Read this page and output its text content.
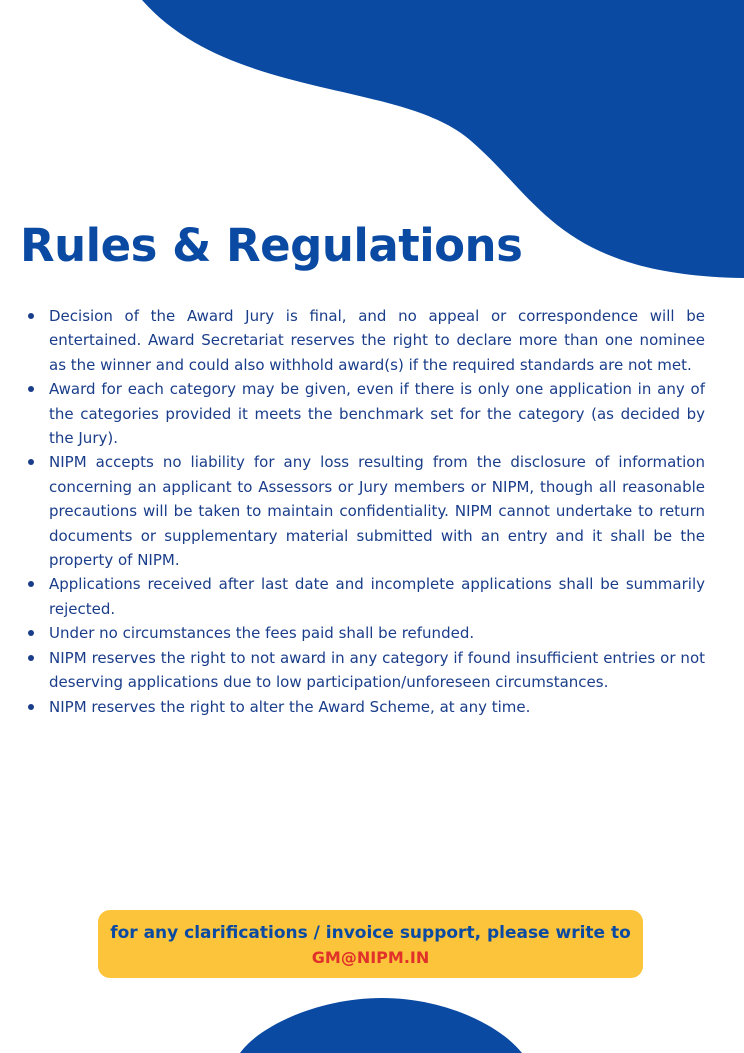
Rules & Regulations
Decision of the Award Jury is final, and no appeal or correspondence will be entertained. Award Secretariat reserves the right to declare more than one nominee as the winner and could also withhold award(s) if the required standards are not met.
Award for each category may be given, even if there is only one application in any of the categories provided it meets the benchmark set for the category (as decided by the Jury).
NIPM accepts no liability for any loss resulting from the disclosure of information concerning an applicant to Assessors or Jury members or NIPM, though all reasonable precautions will be taken to maintain confidentiality. NIPM cannot undertake to return documents or supplementary material submitted with an entry and it shall be the property of NIPM.
Applications received after last date and incomplete applications shall be summarily rejected.
Under no circumstances the fees paid shall be refunded.
NIPM reserves the right to not award in any category if found insufficient entries or not deserving applications due to low participation/unforeseen circumstances.
NIPM reserves the right to alter the Award Scheme, at any time.
for any clarifications / invoice support, please write to
GM@NIPM.IN
